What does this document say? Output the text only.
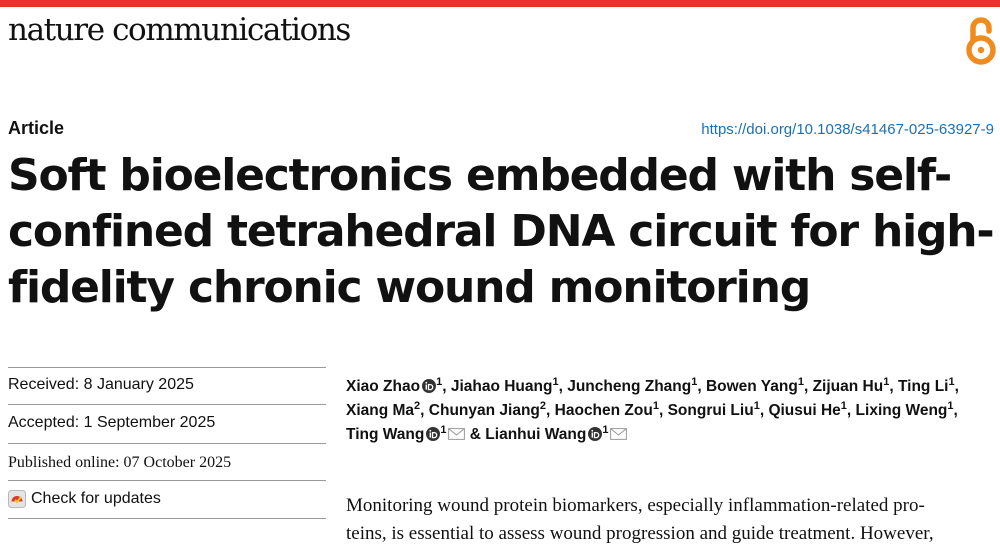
nature communications
Article	https://doi.org/10.1038/s41467-025-63927-9
Soft bioelectronics embedded with self-
confined tetrahedral DNA circuit for high-
fidelity chronic wound monitoring
Received: 8 January 2025
Accepted: 1 September 2025
Published online: 07 October 2025
Check for updates
Xiao Zhao $^1$, Jiahao Huang$^1$, Juncheng Zhang$^1$, Bowen Yang$^1$, Zijuan Hu$^1$, Ting Li$^1$,
Xiang Ma$^2$, Chunyan Jiang$^2$, Haochen Zou$^1$, Songrui Liu$^1$, Qiusui He$^1$, Lixing Weng$^1$,
Ting Wang $^1$ & Lianhui Wang $^1$
Monitoring wound protein biomarkers, especially inflammation-related pro-
teins, is essential to assess wound progression and guide treatment. However,
